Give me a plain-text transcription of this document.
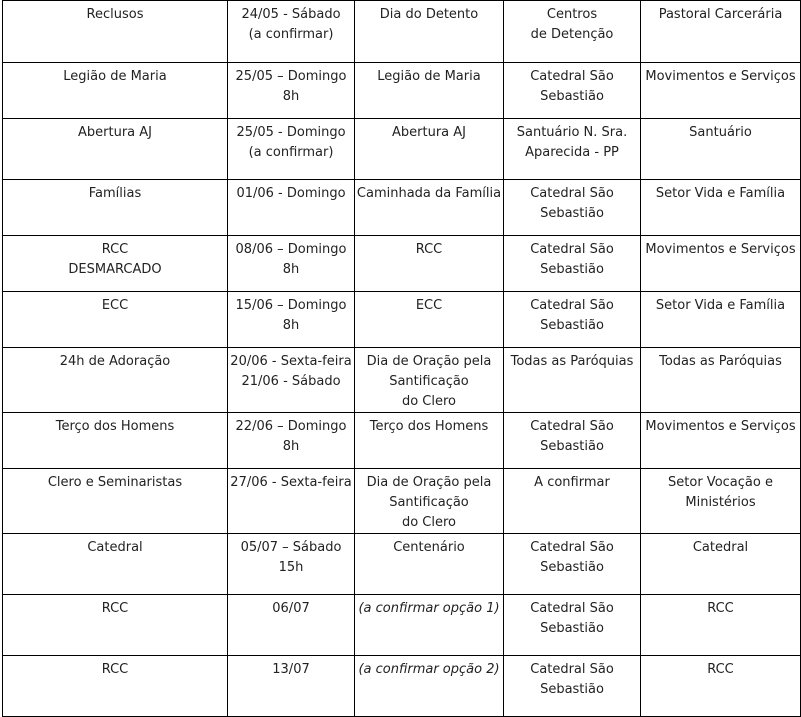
Reclusos	24/05 - Sábado
(a confirmar)	Dia do Detento	Centros
de Detenção	Pastoral Carcerária

Legião de Maria	25/05 – Domingo
8h	Legião de Maria	Catedral São
Sebastião	Movimentos e Serviços

Abertura AJ	25/05 - Domingo
(a confirmar)	Abertura AJ	Santuário N. Sra.
Aparecida - PP	Santuário

Famílias	01/06 - Domingo	Caminhada da Família	Catedral São
Sebastião	Setor Vida e Família

RCC
DESMARCADO	08/06 – Domingo
8h	RCC	Catedral São
Sebastião	Movimentos e Serviços

ECC	15/06 – Domingo
8h	ECC	Catedral São
Sebastião	Setor Vida e Família

24h de Adoração	20/06 - Sexta-feira
21/06 - Sábado	Dia de Oração pela
Santificação
do Clero	Todas as Paróquias	Todas as Paróquias

Terço dos Homens	22/06 – Domingo
8h	Terço dos Homens	Catedral São
Sebastião	Movimentos e Serviços

Clero e Seminaristas	27/06 - Sexta-feira	Dia de Oração pela
Santificação
do Clero	A confirmar	Setor Vocação e
Ministérios

Catedral	05/07 – Sábado
15h	Centenário	Catedral São
Sebastião	Catedral

RCC	06/07	(a confirmar opção 1)	Catedral São
Sebastião	RCC

RCC	13/07	(a confirmar opção 2)	Catedral São
Sebastião	RCC
